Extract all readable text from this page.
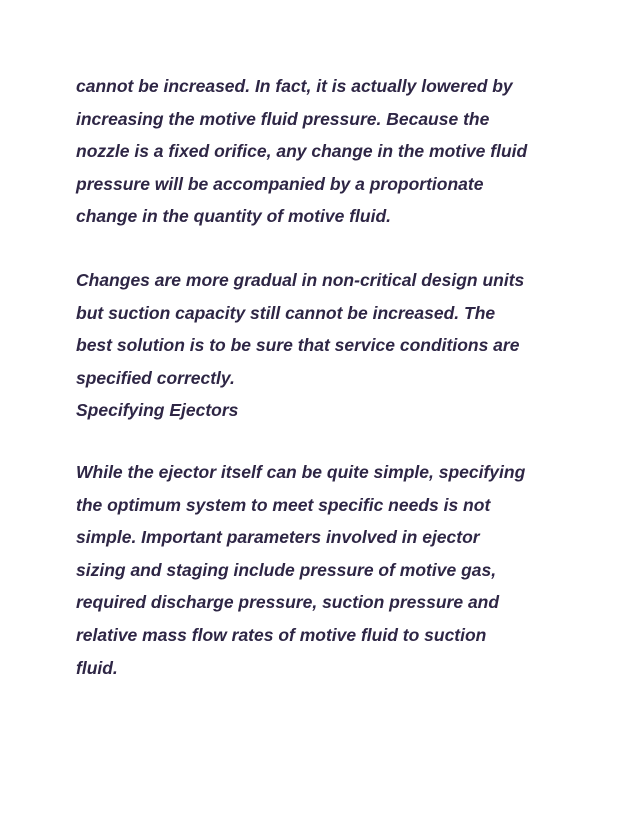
cannot be increased. In fact, it is actually lowered by
increasing the motive fluid pressure. Because the
nozzle is a fixed orifice, any change in the motive fluid
pressure will be accompanied by a proportionate
change in the quantity of motive fluid.
Changes are more gradual in non-critical design units
but suction capacity still cannot be increased. The
best solution is to be sure that service conditions are
specified correctly.
Specifying Ejectors
While the ejector itself can be quite simple, specifying
the optimum system to meet specific needs is not
simple. Important parameters involved in ejector
sizing and staging include pressure of motive gas,
required discharge pressure, suction pressure and
relative mass flow rates of motive fluid to suction
fluid.
